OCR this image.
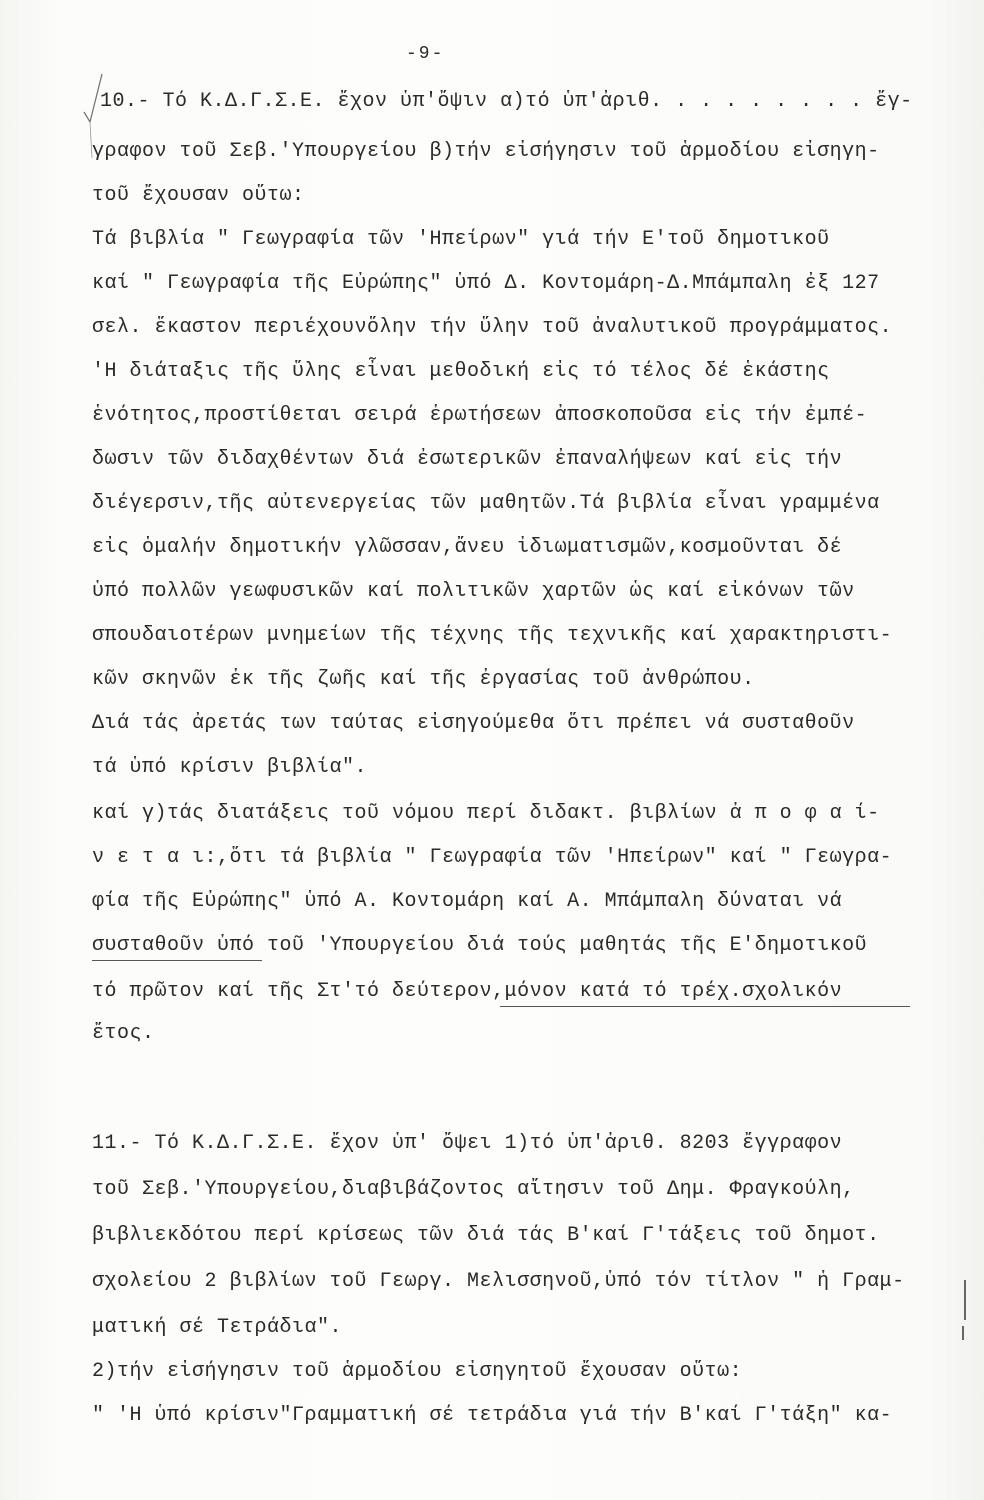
-9-
10.- Τό Κ.Δ.Γ.Σ.Ε. ἔχον ὑπ'ὄψιν α)τό ὑπ'ἀριθ. . . . . . . . . ἔγ-
γραφον τοῦ Σεβ.'Υπουργείου β)τήν εἰσήγησιν τοῦ ἁρμοδίου εἰσηγη-
τοῦ ἔχουσαν οὕτω:
Τά βιβλία " Γεωγραφία τῶν 'Ηπείρων" γιά τήν Ε'τοῦ δημοτικοῦ
καί " Γεωγραφία τῆς Εὐρώπης" ὑπό Δ. Κοντομάρη-Δ.Μπάμπαλη ἐξ 127
σελ. ἕκαστον περιέχουνὅλην τήν ὕλην τοῦ ἀναλυτικοῦ προγράμματος.
'Η διάταξις τῆς ὕλης εἶναι μεθοδική εἰς τό τέλος δέ ἑκάστης
ἑνότητος,προστίθεται σειρά ἐρωτήσεων ἀποσκοποῦσα εἰς τήν ἐμπέ-
δωσιν τῶν διδαχθέντων διά ἐσωτερικῶν ἐπαναλήψεων καί εἰς τήν
διέγερσιν,τῆς αὐτενεργείας τῶν μαθητῶν.Τά βιβλία εἶναι γραμμένα
εἰς ὁμαλήν δημοτικήν γλῶσσαν,ἄνευ ἰδιωματισμῶν,κοσμοῦνται δέ
ὑπό πολλῶν γεωφυσικῶν καί πολιτικῶν χαρτῶν ὡς καί εἰκόνων τῶν
σπουδαιοτέρων μνημείων τῆς τέχνης τῆς τεχνικῆς καί χαρακτηριστι-
κῶν σκηνῶν ἐκ τῆς ζωῆς καί τῆς ἐργασίας τοῦ ἀνθρώπου.
Διά τάς ἀρετάς των ταύτας εἰσηγούμεθα ὅτι πρέπει νά συσταθοῦν
τά ὑπό κρίσιν βιβλία".
καί γ)τάς διατάξεις τοῦ νόμου περί διδακτ. βιβλίων ἀ π ο φ α ί-
ν ε τ α ι:,ὅτι τά βιβλία " Γεωγραφία τῶν 'Ηπείρων" καί " Γεωγρα-
φία τῆς Εὐρώπης" ὑπό Α. Κοντομάρη καί Α. Μπάμπαλη δύναται νά
συσταθοῦν ὑπό τοῦ 'Υπουργείου διά τούς μαθητάς τῆς Ε'δημοτικοῦ
τό πρῶτον καί τῆς Στ'τό δεύτερον,μόνον κατά τό τρέχ.σχολικόν
ἔτος.
11.- Τό Κ.Δ.Γ.Σ.Ε. ἔχον ὑπ' ὄψει 1)τό ὑπ'ἀριθ. 8203 ἔγγραφον
τοῦ Σεβ.'Υπουργείου,διαβιβάζοντος αἴτησιν τοῦ Δημ. Φραγκούλη,
βιβλιεκδότου περί κρίσεως τῶν διά τάς Β'καί Γ'τάξεις τοῦ δημοτ.
σχολείου 2 βιβλίων τοῦ Γεωργ. Μελισσηνοῦ,ὑπό τόν τίτλον " ἡ Γραμ-
ματική σέ Τετράδια".
2)τήν εἰσήγησιν τοῦ ἁρμοδίου εἰσηγητοῦ ἔχουσαν οὕτω:
" 'Η ὑπό κρίσιν"Γραμματική σέ τετράδια γιά τήν Β'καί Γ'τάξη" κα-
